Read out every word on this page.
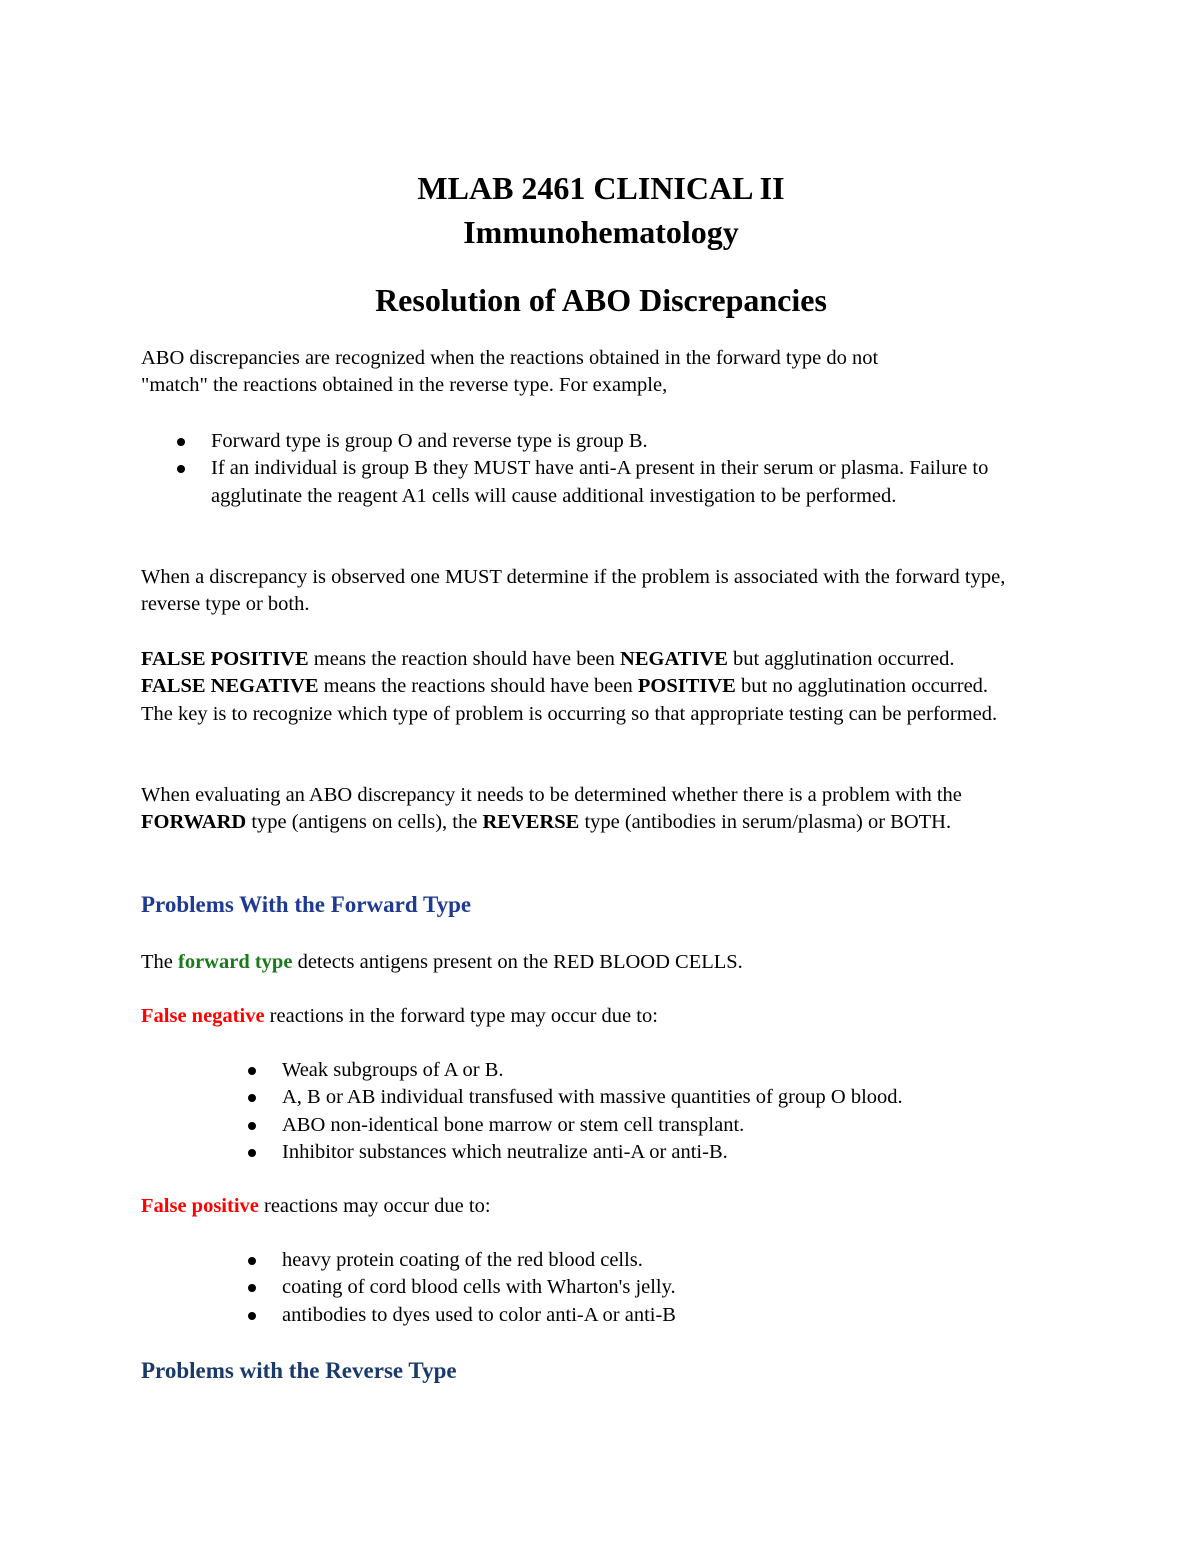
MLAB 2461 CLINICAL II
Immunohematology
Resolution of ABO Discrepancies

ABO discrepancies are recognized when the reactions obtained in the forward type do not

"match" the reactions obtained in the reverse type. For example,

Forward type is group O and reverse type is group B.
If an individual is group B they MUST have anti-A present in their serum or plasma. Failure to agglutinate the reagent A1 cells will cause additional investigation to be performed.
When a discrepancy is observed one MUST determine if the problem is associated with the forward type, reverse type or both.
FALSE POSITIVE means the reaction should have been NEGATIVE but agglutination occurred. FALSE NEGATIVE means the reactions should have been POSITIVE but no agglutination occurred. The key is to recognize which type of problem is occurring so that appropriate testing can be performed.
When evaluating an ABO discrepancy it needs to be determined whether there is a problem with the FORWARD type (antigens on cells), the REVERSE type (antibodies in serum/plasma) or BOTH.
Problems With the Forward Type
The forward type detects antigens present on the RED BLOOD CELLS.
False negative reactions in the forward type may occur due to:
Weak subgroups of A or B.
A, B or AB individual transfused with massive quantities of group O blood.
ABO non-identical bone marrow or stem cell transplant.
Inhibitor substances which neutralize anti-A or anti-B.
False positive reactions may occur due to:
heavy protein coating of the red blood cells.
coating of cord blood cells with Wharton's jelly.
antibodies to dyes used to color anti-A or anti-B
Problems with the Reverse Type
